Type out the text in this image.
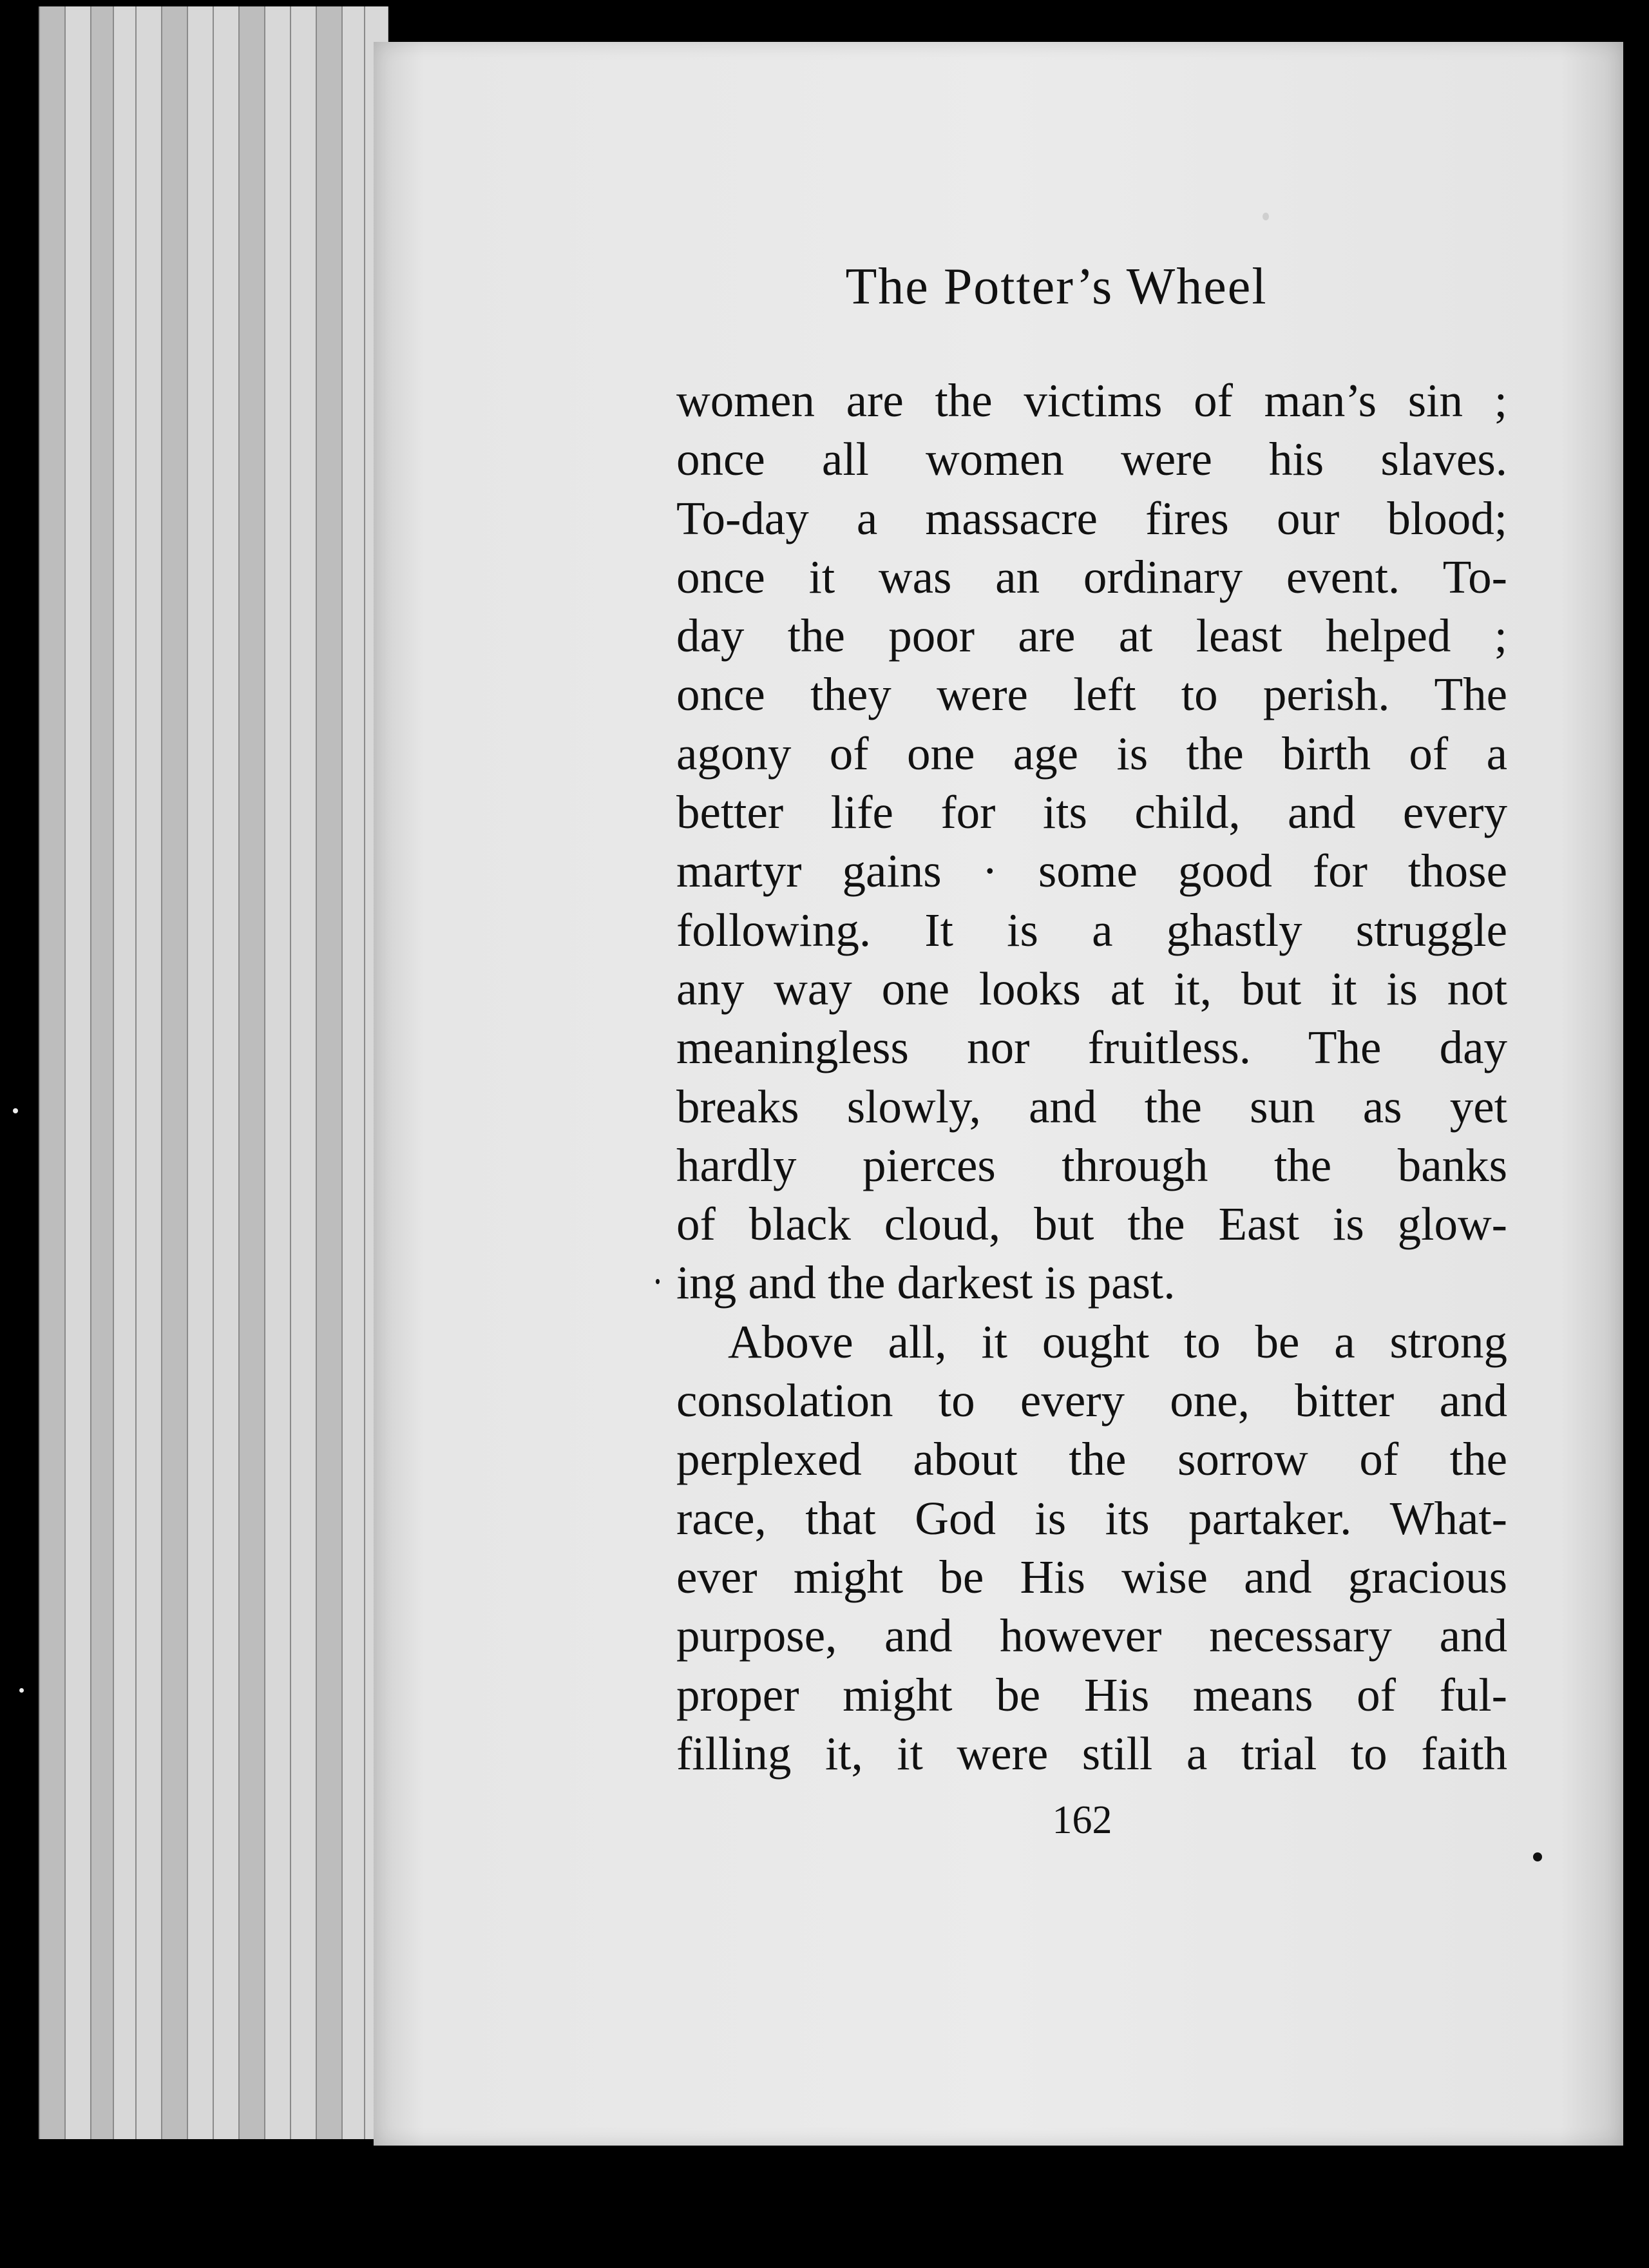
The Potter’s Wheel
women are the victims of man’s sin ;
once all women were his slaves.
To-day a massacre fires our blood;
once it was an ordinary event. To-
day the poor are at least helped ;
once they were left to perish. The
agony of one age is the birth of a
better life for its child, and every
martyr gains · some good for those
following. It is a ghastly struggle
any way one looks at it, but it is not
meaningless nor fruitless. The day
breaks slowly, and the sun as yet
hardly pierces through the banks
of black cloud, but the East is glow-
ing and the darkest is past.
Above all, it ought to be a strong
consolation to every one, bitter and
perplexed about the sorrow of the
race, that God is its partaker. What-
ever might be His wise and gracious
purpose, and however necessary and
proper might be His means of ful-
filling it, it were still a trial to faith
162
